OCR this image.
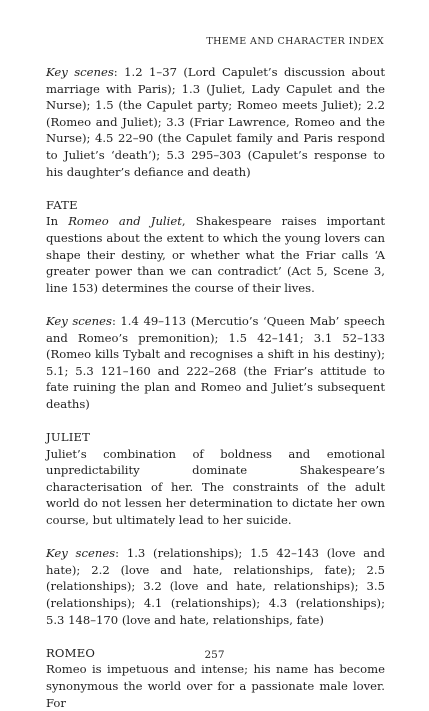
THEME AND CHARACTER INDEX

Key scenes: 1.2 1–37 (Lord Capulet’s discussion about marriage with Paris); 1.3 (Juliet, Lady Capulet and the Nurse); 1.5 (the Capulet party; Romeo meets Juliet); 2.2 (Romeo and Juliet); 3.3 (Friar Lawrence, Romeo and the Nurse); 4.5 22–90 (the Capulet family and Paris respond to Juliet’s ‘death’); 5.3 295–303 (Capulet’s response to his daughter’s defiance and death)

FATE

In Romeo and Juliet, Shakespeare raises important questions about the extent to which the young lovers can shape their destiny, or whether what the Friar calls ‘A greater power than we can contradict’ (Act 5, Scene 3, line 153) determines the course of their lives.

Key scenes: 1.4 49–113 (Mercutio’s ‘Queen Mab’ speech and Romeo’s premonition); 1.5 42–141; 3.1 52–133 (Romeo kills Tybalt and recognises a shift in his destiny); 5.1; 5.3 121–160 and 222–268 (the Friar’s attitude to fate ruining the plan and Romeo and Juliet’s subsequent deaths)

JULIET

Juliet’s combination of boldness and emotional unpredictability dominate Shakespeare’s characterisation of her. The constraints of the adult world do not lessen her determination to dictate her own course, but ultimately lead to her suicide.

Key scenes: 1.3 (relationships); 1.5 42–143 (love and hate); 2.2 (love and hate, relationships, fate); 2.5 (relationships); 3.2 (love and hate, relationships); 3.5 (relationships); 4.1 (relationships); 4.3 (relationships); 5.3 148–170 (love and hate, relationships, fate)

ROMEO

Romeo is impetuous and intense; his name has become synonymous the world over for a passionate male lover. For

257
